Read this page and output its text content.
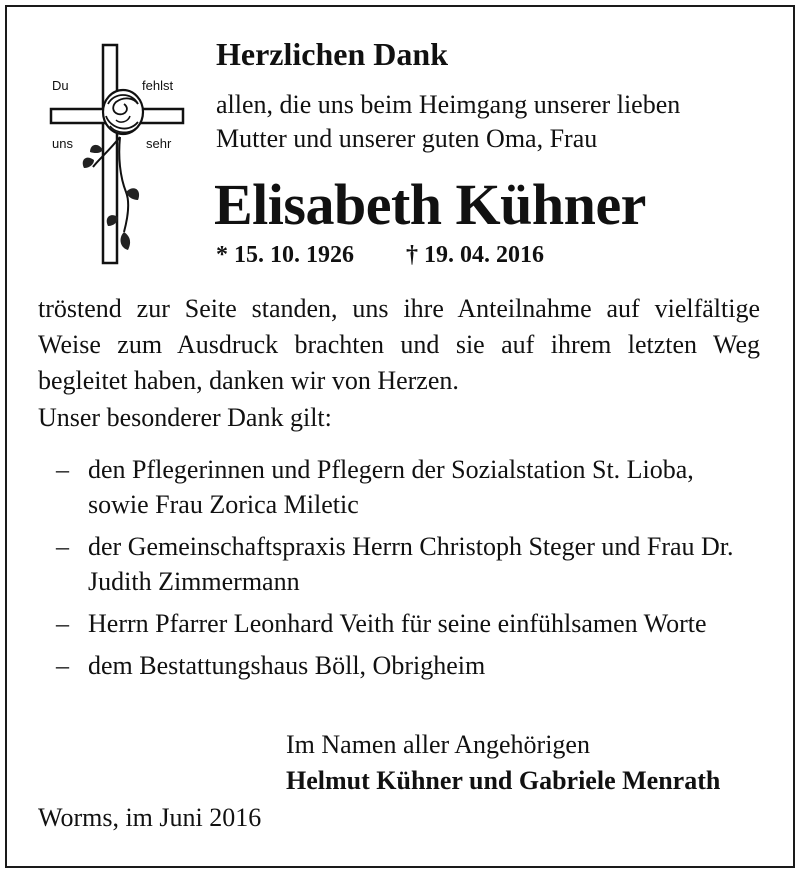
Du	fehlst
uns	sehr
Herzlichen Dank
allen, die uns beim Heimgang unserer lieben
Mutter und unserer guten Oma, Frau
Elisabeth Kühner
* 15. 10. 1926 † 19. 04. 2016
tröstend zur Seite standen, uns ihre Anteilnahme auf vielfältige Weise zum Ausdruck brachten und sie auf ihrem letzten Weg begleitet haben, danken wir von Herzen.
Unser besonderer Dank gilt:
– den Pflegerinnen und Pflegern der Sozialstation St. Lioba, sowie Frau Zorica Miletic
– der Gemeinschaftspraxis Herrn Christoph Steger und Frau Dr. Judith Zimmermann
– Herrn Pfarrer Leonhard Veith für seine einfühlsamen Worte
– dem Bestattungshaus Böll, Obrigheim
Im Namen aller Angehörigen
Helmut Kühner und Gabriele Menrath
Worms, im Juni 2016
